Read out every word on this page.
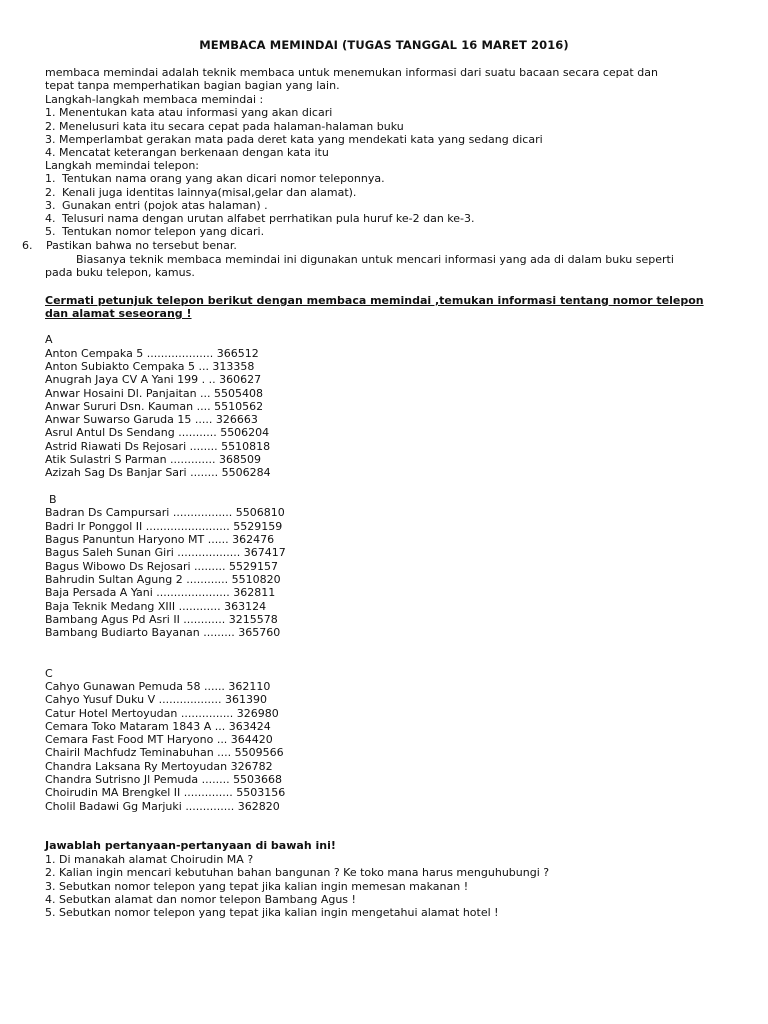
MEMBACA MEMINDAI (TUGAS TANGGAL 16 MARET 2016)
membaca memindai adalah teknik membaca untuk menemukan informasi dari suatu bacaan secara cepat dan
tepat tanpa memperhatikan bagian bagian yang lain.
Langkah-langkah membaca memindai :
1. Menentukan kata atau informasi yang akan dicari
2. Menelusuri kata itu secara cepat pada halaman-halaman buku
3. Memperlambat gerakan mata pada deret kata yang mendekati kata yang sedang dicari
4. Mencatat keterangan berkenaan dengan kata itu
Langkah memindai telepon:
1. Tentukan nama orang yang akan dicari nomor teleponnya.
2. Kenali juga identitas lainnya(misal,gelar dan alamat).
3. Gunakan entri (pojok atas halaman) .
4. Telusuri nama dengan urutan alfabet perrhatikan pula huruf ke-2 dan ke-3.
5. Tentukan nomor telepon yang dicari.
6. Pastikan bahwa no tersebut benar.
Biasanya teknik membaca memindai ini digunakan untuk mencari informasi yang ada di dalam buku seperti
pada buku telepon, kamus.
Cermati petunjuk telepon berikut dengan membaca memindai ,temukan informasi tentang nomor telepon
dan alamat seseorang !
A
Anton Cempaka 5 ................... 366512
Anton Subiakto Cempaka 5 ... 313358
Anugrah Jaya CV A Yani 199 . .. 360627
Anwar Hosaini Dl. Panjaitan ... 5505408
Anwar Sururi Dsn. Kauman .... 5510562
Anwar Suwarso Garuda 15 ..... 326663
Asrul Antul Ds Sendang ........... 5506204
Astrid Riawati Ds Rejosari ........ 5510818
Atik Sulastri S Parman ............. 368509
Azizah Sag Ds Banjar Sari ........ 5506284
B
Badran Ds Campursari ................. 5506810
Badri Ir Ponggol II ........................ 5529159
Bagus Panuntun Haryono MT ...... 362476
Bagus Saleh Sunan Giri .................. 367417
Bagus Wibowo Ds Rejosari ......... 5529157
Bahrudin Sultan Agung 2 ............ 5510820
Baja Persada A Yani ..................... 362811
Baja Teknik Medang XIII ............ 363124
Bambang Agus Pd Asri II ............ 3215578
Bambang Budiarto Bayanan ......... 365760
C
Cahyo Gunawan Pemuda 58 ...... 362110
Cahyo Yusuf Duku V .................. 361390
Catur Hotel Mertoyudan ............... 326980
Cemara Toko Mataram 1843 A ... 363424
Cemara Fast Food MT Haryono ... 364420
Chairil Machfudz Teminabuhan .... 5509566
Chandra Laksana Ry Mertoyudan 326782
Chandra Sutrisno Jl Pemuda ........ 5503668
Choirudin MA Brengkel II .............. 5503156
Cholil Badawi Gg Marjuki .............. 362820
Jawablah pertanyaan-pertanyaan di bawah ini!
1. Di manakah alamat Choirudin MA ?
2. Kalian ingin mencari kebutuhan bahan bangunan ? Ke toko mana harus menguhubungi ?
3. Sebutkan nomor telepon yang tepat jika kalian ingin memesan makanan !
4. Sebutkan alamat dan nomor telepon Bambang Agus !
5. Sebutkan nomor telepon yang tepat jika kalian ingin mengetahui alamat hotel !
